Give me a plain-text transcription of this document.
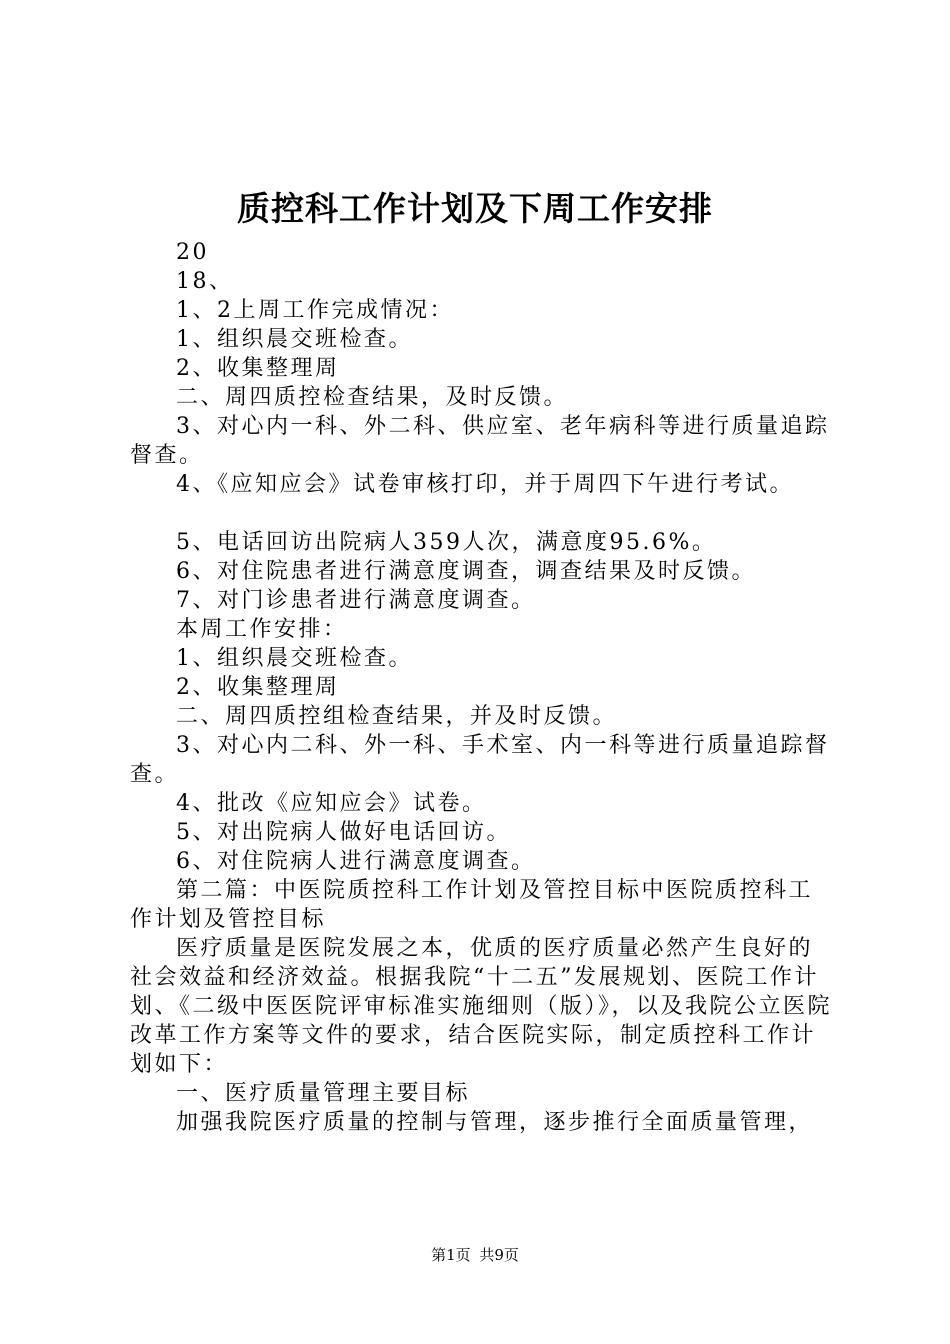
质控科工作计划及下周工作安排

20

18、

1、2上周工作完成情况：

1、组织晨交班检查。

2、收集整理周

二、周四质控检查结果，及时反馈。

3、对心内一科、外二科、供应室、老年病科等进行质量追踪督查。

4、《应知应会》试卷审核打印，并于周四下午进行考试。

5、电话回访出院病人359人次，满意度95.6%。

6、对住院患者进行满意度调查，调查结果及时反馈。

7、对门诊患者进行满意度调查。

本周工作安排：

1、组织晨交班检查。

2、收集整理周

二、周四质控组检查结果，并及时反馈。

3、对心内二科、外一科、手术室、内一科等进行质量追踪督查。

4、批改《应知应会》试卷。

5、对出院病人做好电话回访。

6、对住院病人进行满意度调查。

第二篇：中医院质控科工作计划及管控目标中医院质控科工作计划及管控目标

医疗质量是医院发展之本，优质的医疗质量必然产生良好的社会效益和经济效益。根据我院“十二五”发展规划、医院工作计划、《二级中医医院评审标准实施细则（版）》，以及我院公立医院改革工作方案等文件的要求，结合医院实际，制定质控科工作计划如下：

一、医疗质量管理主要目标

加强我院医疗质量的控制与管理，逐步推行全面质量管理，

第1页 共9页
